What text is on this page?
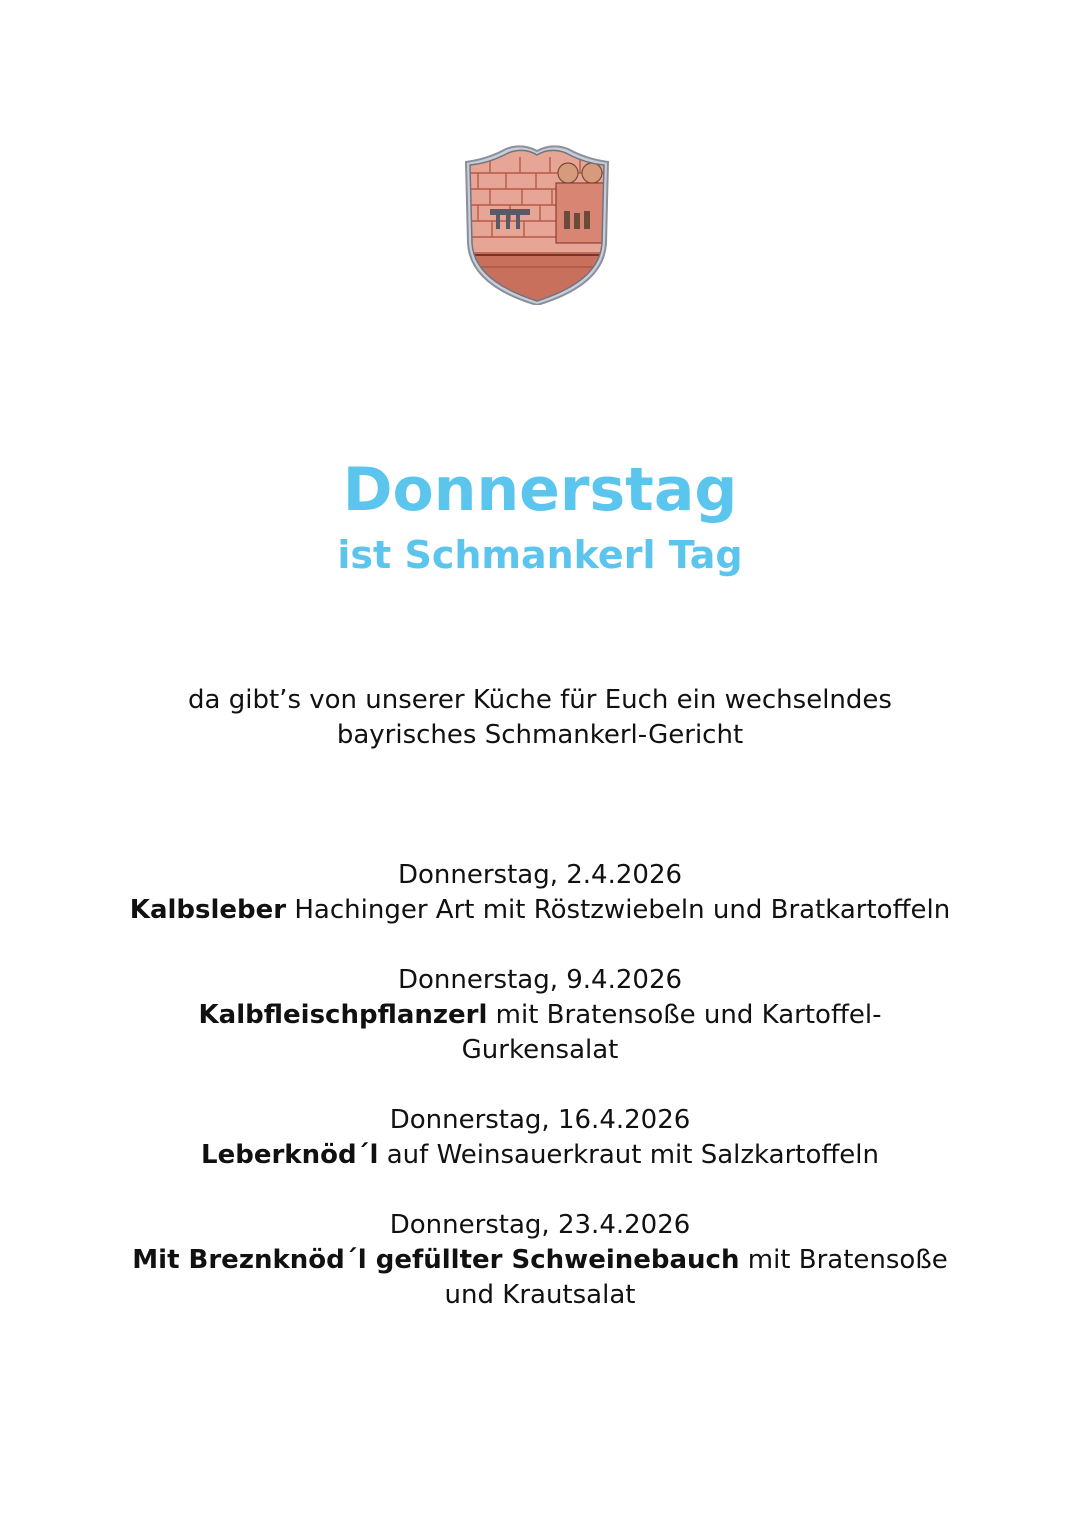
Donnerstag
ist Schmankerl Tag
da gibt’s von unserer Küche für Euch ein wechselndes
bayrisches Schmankerl-Gericht
Donnerstag, 2.4.2026
Kalbsleber Hachinger Art mit Röstzwiebeln und Bratkartoffeln
Donnerstag, 9.4.2026
Kalbfleischpflanzerl mit Bratensoße und Kartoffel-
Gurkensalat
Donnerstag, 16.4.2026
Leberknöd´l auf Weinsauerkraut mit Salzkartoffeln
Donnerstag, 23.4.2026
Mit Breznknöd´l gefüllter Schweinebauch mit Bratensoße
und Krautsalat
